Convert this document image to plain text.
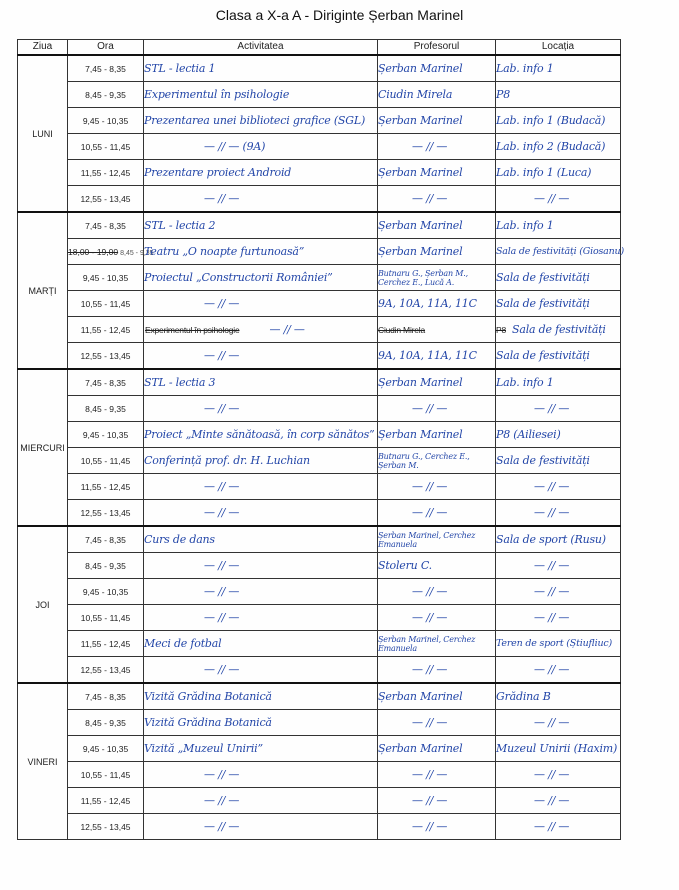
Clasa a X-a A - Diriginte Șerban Marinel
Ziua	Ora	Activitatea	Profesorul	Locația
LUNI	7,45 - 8,35	STL - lectia 1	Șerban Marinel	Lab. info 1
	8,45 - 9,35	Experimentul în psihologie	Ciudin Mirela	P8
	9,45 - 10,35	Prezentarea unei biblioteci grafice (SGL)	Șerban Marinel	Lab. info 1 (Budacă)
	10,55 - 11,45	— // — (9A)	— // —	Lab. info 2 (Budacă)
	11,55 - 12,45	Prezentare proiect Android	Șerban Marinel	Lab. info 1 (Luca)
	12,55 - 13,45	— // —	— // —	— // —
MARȚI	7,45 - 8,35	STL - lectia 2	Șerban Marinel	Lab. info 1
	18,00 - 19,00 8,45 - 9,35	Teatru „O noapte furtunoasă”	Șerban Marinel	Sala de festivități (Giosanu)
	9,45 - 10,35	Proiectul „Constructorii României”	Butnaru G., Șerban M., Cerchez E., Lucă A.	Sala de festivități
	10,55 - 11,45	— // —	9A, 10A, 11A, 11C	Sala de festivități
	11,55 - 12,45	Experimentul în psihologie — // —	Ciudin Mirela	P8 Sala de festivități
	12,55 - 13,45	— // —	9A, 10A, 11A, 11C	Sala de festivități
MIERCURI	7,45 - 8,35	STL - lectia 3	Șerban Marinel	Lab. info 1
	8,45 - 9,35	— // —	— // —	— // —
	9,45 - 10,35	Proiect „Minte sănătoasă, în corp sănătos”	Șerban Marinel	P8 (Ailiesei)
	10,55 - 11,45	Conferință prof. dr. H. Luchian	Butnaru G., Cerchez E., Șerban M.	Sala de festivități
	11,55 - 12,45	— // —	— // —	— // —
	12,55 - 13,45	— // —	— // —	— // —
JOI	7,45 - 8,35	Curs de dans	Șerban Marinel, Cerchez Emanuela	Sala de sport (Rusu)
	8,45 - 9,35	— // —	Stoleru C.	— // —
	9,45 - 10,35	— // —	— // —	— // —
	10,55 - 11,45	— // —	— // —	— // —
	11,55 - 12,45	Meci de fotbal	Șerban Marinel, Cerchez Emanuela	Teren de sport (Știufliuc)
	12,55 - 13,45	— // —	— // —	— // —
VINERI	7,45 - 8,35	Vizită Grădina Botanică	Șerban Marinel	Grădina B
	8,45 - 9,35	Vizită Grădina Botanică	— // —	— // —
	9,45 - 10,35	Vizită „Muzeul Unirii”	Șerban Marinel	Muzeul Unirii (Haxim)
	10,55 - 11,45	— // —	— // —	— // —
	11,55 - 12,45	— // —	— // —	— // —
	12,55 - 13,45	— // —	— // —	— // —
